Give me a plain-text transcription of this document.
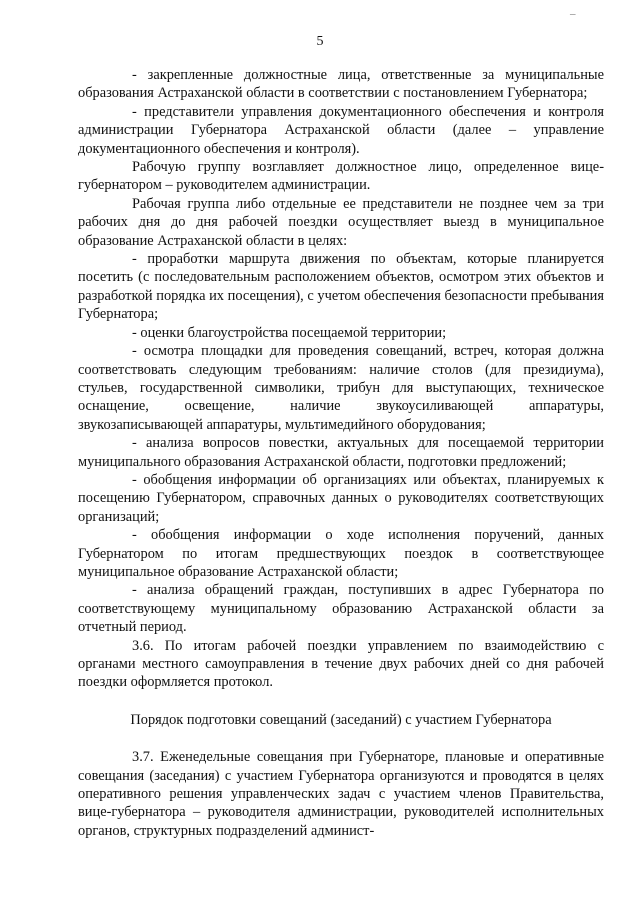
–
5

- закрепленные должностные лица, ответственные за муниципальные образования Астраханской области в соответствии с постановлением Губернатора;

- представители управления документационного обеспечения и контроля администрации Губернатора Астраханской области (далее – управление документационного обеспечения и контроля).

Рабочую группу возглавляет должностное лицо, определенное вице-губернатором – руководителем администрации.

Рабочая группа либо отдельные ее представители не позднее чем за три рабочих дня до дня рабочей поездки осуществляет выезд в муниципальное образование Астраханской области в целях:

- проработки маршрута движения по объектам, которые планируется посетить (с последовательным расположением объектов, осмотром этих объектов и разработкой порядка их посещения), с учетом обеспечения безопасности пребывания Губернатора;

- оценки благоустройства посещаемой территории;

- осмотра площадки для проведения совещаний, встреч, которая должна соответствовать следующим требованиям: наличие столов (для президиума), стульев, государственной символики, трибун для выступающих, техническое оснащение, освещение, наличие звукоусиливающей аппаратуры, звукозаписывающей аппаратуры, мультимедийного оборудования;

- анализа вопросов повестки, актуальных для посещаемой территории муниципального образования Астраханской области, подготовки предложений;

- обобщения информации об организациях или объектах, планируемых к посещению Губернатором, справочных данных о руководителях соответствующих организаций;

- обобщения информации о ходе исполнения поручений, данных Губернатором по итогам предшествующих поездок в соответствующее муниципальное образование Астраханской области;

- анализа обращений граждан, поступивших в адрес Губернатора по соответствующему муниципальному образованию Астраханской области за отчетный период.

3.6. По итогам рабочей поездки управлением по взаимодействию с органами местного самоуправления в течение двух рабочих дней со дня рабочей поездки оформляется протокол.

Порядок подготовки совещаний (заседаний) с участием Губернатора

3.7. Еженедельные совещания при Губернаторе, плановые и оперативные совещания (заседания) с участием Губернатора организуются и проводятся в целях оперативного решения управленческих задач с участием членов Правительства, вице-губернатора – руководителя администрации, руководителей исполнительных органов, структурных подразделений админист-
